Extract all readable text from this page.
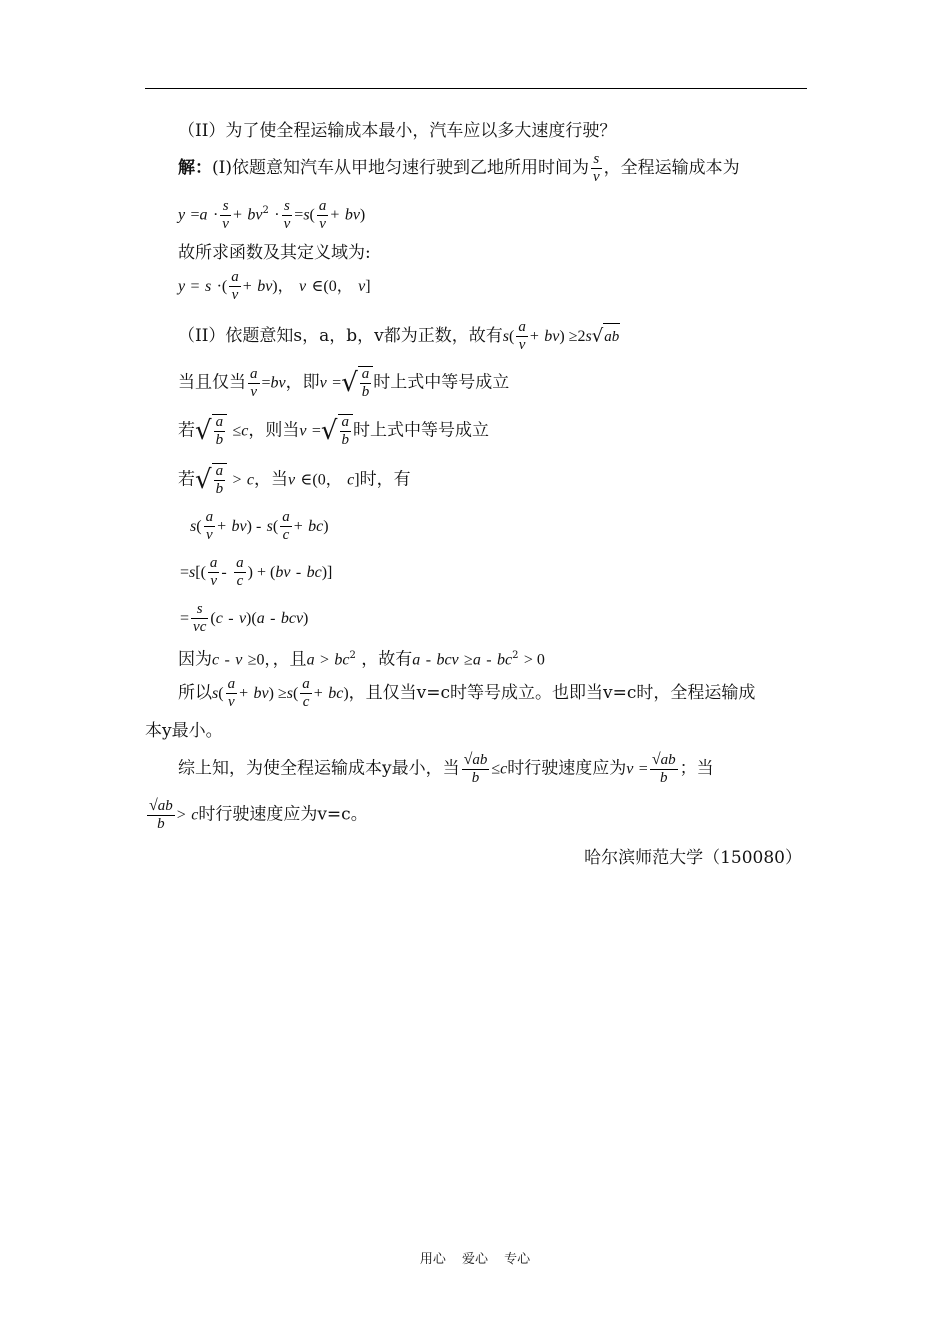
（II）为了使全程运输成本最小，汽车应以多大速度行驶？
解：(I)依题意知汽车从甲地匀速行驶到乙地所用时间为 $\frac{s}{v}$ ，全程运输成本为
$y =a \cdot \frac{s}{v} + bv^2 \cdot \frac{s}{v} =s( \frac{a}{v} + bv)$
故所求函数及其定义域为:
y = s ·( $\frac{a}{v} + bv$)， v ∈(0， v]
（II）依题意知s，a，b，v都为正数，故有$s( \frac{a}{v} + bv) \ge 2s√ab$
当且仅当 $\frac{a}{v} =bv$，即v =√ $\frac{a}{b}$ 时上式中等号成立
若√ $\frac{a}{b} \le c$，则当v =√ $\frac{a}{b}$ 时上式中等号成立
若√ $\frac{a}{b} > c$，当v ∈(0， c]时，有
$s( \frac{a}{v} + bv) - s( \frac{a}{c} + bc)$
$=s[( \frac{a}{v} - \frac{a}{c}$ ) + (bv - bc)]
= $\frac{s}{vc} (c - v)(a - bcv)$
因为c - v ≥0，，且$a > bc^2$ ，故有a - bcv $\ge a - bc^2 > 0$
所以$s( \frac{a}{v} + bv) \ge s( \frac{a}{c} + bc)$，且仅当v=c时等号成立。也即当v=c时，全程运输成
本y最小。
综上知，为使全程运输成本y最小，当 $\frac{√ab}{b} \le c$时行驶速度应为$v = \frac{√ab}{b}$ ；当
$\frac{√ab}{b} > c$时行驶速度应为v=c。
哈尔滨师范大学（150080）
用心 爱心 专心
